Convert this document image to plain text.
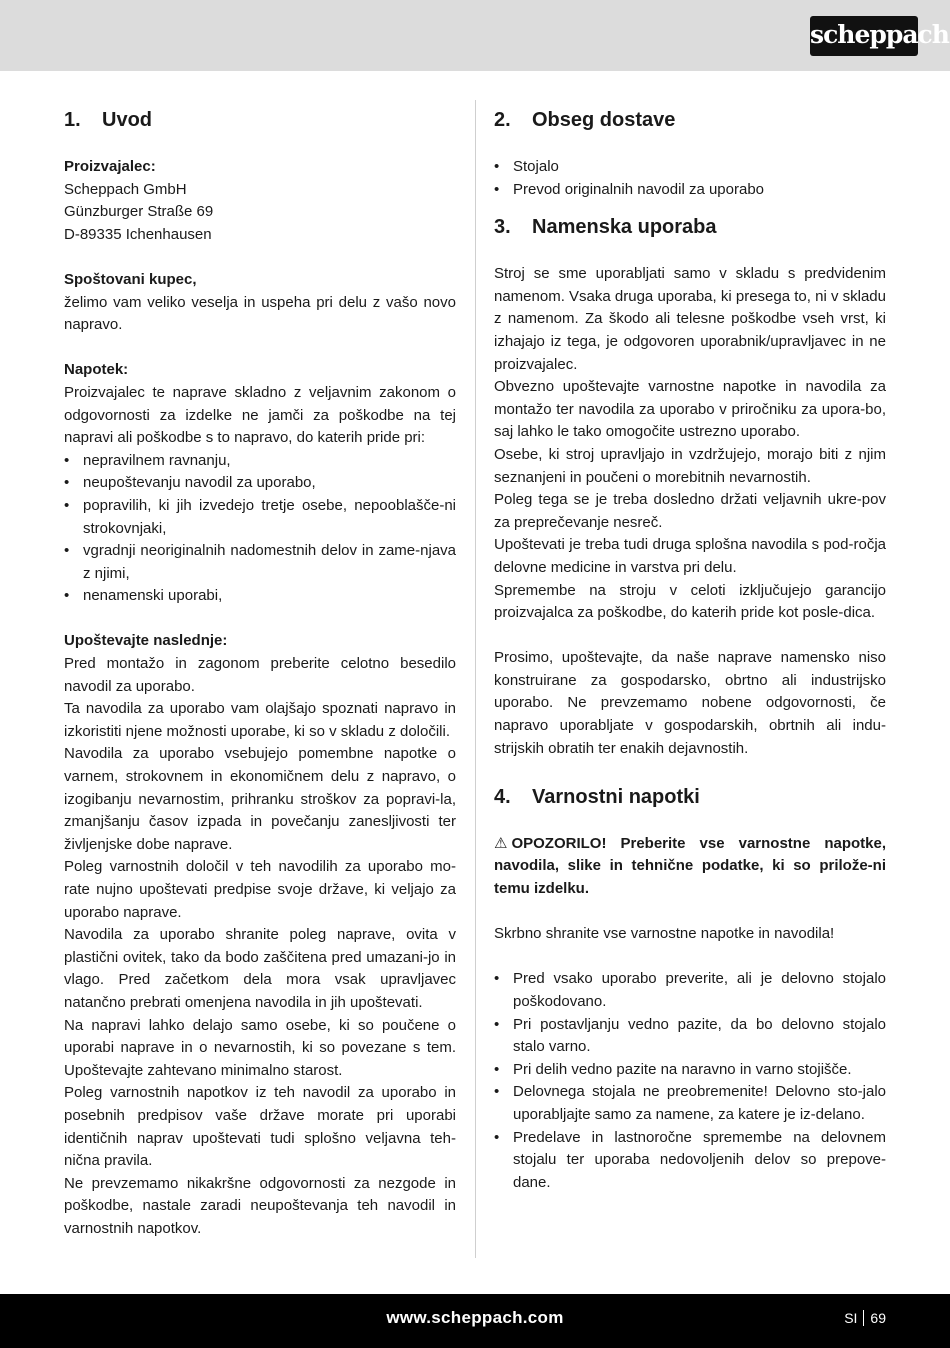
scheppach
1.	Uvod
Proizvajalec:
Scheppach GmbH
Günzburger Straße 69
D-89335 Ichenhausen
Spoštovani kupec,

želimo vam veliko veselja in uspeha pri delu z vašo novo napravo.

Napotek:

Proizvajalec te naprave skladno z veljavnim zakonom o odgovornosti za izdelke ne jamči za poškodbe na tej napravi ali poškodbe s to napravo, do katerih pride pri:

• nepravilnem ravnanju,
• neupoštevanju navodil za uporabo,
• popravilih, ki jih izvedejo tretje osebe, nepooblašče-ni strokovnjaki,
• vgradnji neoriginalnih nadomestnih delov in zame-njava z njimi,
• nenamenski uporabi,
Upoštevajte naslednje:

Pred montažo in zagonom preberite celotno besedilo navodil za uporabo.

Ta navodila za uporabo vam olajšajo spoznati napravo in izkoristiti njene možnosti uporabe, ki so v skladu z določili.

Navodila za uporabo vsebujejo pomembne napotke o varnem, strokovnem in ekonomičnem delu z napravo, o izogibanju nevarnostim, prihranku stroškov za popravi-la, zmanjšanju časov izpada in povečanju zanesljivosti ter življenjske dobe naprave.

Poleg varnostnih določil v teh navodilih za uporabo mo-rate nujno upoštevati predpise svoje države, ki veljajo za uporabo naprave.

Navodila za uporabo shranite poleg naprave, ovita v plastični ovitek, tako da bodo zaščitena pred umazani-jo in vlago. Pred začetkom dela mora vsak upravljavec natančno prebrati omenjena navodila in jih upoštevati.

Na napravi lahko delajo samo osebe, ki so poučene o uporabi naprave in o nevarnostih, ki so povezane s tem. Upoštevajte zahtevano minimalno starost.

Poleg varnostnih napotkov iz teh navodil za uporabo in posebnih predpisov vaše države morate pri uporabi identičnih naprav upoštevati tudi splošno veljavna teh-nična pravila.

Ne prevzemamo nikakršne odgovornosti za nezgode in poškodbe, nastale zaradi neupoštevanja teh navodil in varnostnih napotkov.

2.	Obseg dostave
• Stojalo
• Prevod originalnih navodil za uporabo
3.	Namenska uporaba

Stroj se sme uporabljati samo v skladu s predvidenim namenom. Vsaka druga uporaba, ki presega to, ni v skladu z namenom. Za škodo ali telesne poškodbe vseh vrst, ki izhajajo iz tega, je odgovoren uporabnik/upravljavec in ne proizvajalec.

Obvezno upoštevajte varnostne napotke in navodila za montažo ter navodila za uporabo v priročniku za upora-bo, saj lahko le tako omogočite ustrezno uporabo.

Osebe, ki stroj upravljajo in vzdržujejo, morajo biti z njim seznanjeni in poučeni o morebitnih nevarnostih.

Poleg tega se je treba dosledno držati veljavnih ukre-pov za preprečevanje nesreč.

Upoštevati je treba tudi druga splošna navodila s pod-ročja delovne medicine in varstva pri delu.

Spremembe na stroju v celoti izključujejo garancijo proizvajalca za poškodbe, do katerih pride kot posle-dica.

Prosimo, upoštevajte, da naše naprave namensko niso konstruirane za gospodarsko, obrtno ali industrijsko uporabo. Ne prevzemamo nobene odgovornosti, če napravo uporabljate v gospodarskih, obrtnih ali indu-strijskih obratih ter enakih dejavnostih.

4.	Varnostni napotki

⚠ OPOZORILO! Preberite vse varnostne napotke, navodila, slike in tehnične podatke, ki so prilože-ni temu izdelku.

Skrbno shranite vse varnostne napotke in navodila!

• Pred vsako uporabo preverite, ali je delovno stojalo poškodovano.
• Pri postavljanju vedno pazite, da bo delovno stojalo stalo varno.
• Pri delih vedno pazite na naravno in varno stojišče.
• Delovnega stojala ne preobremenite! Delovno sto-jalo uporabljajte samo za namene, za katere je iz-delano.
• Predelave in lastnoročne spremembe na delovnem stojalu ter uporaba nedovoljenih delov so prepove-dane.
www.scheppach.com	SI 69
